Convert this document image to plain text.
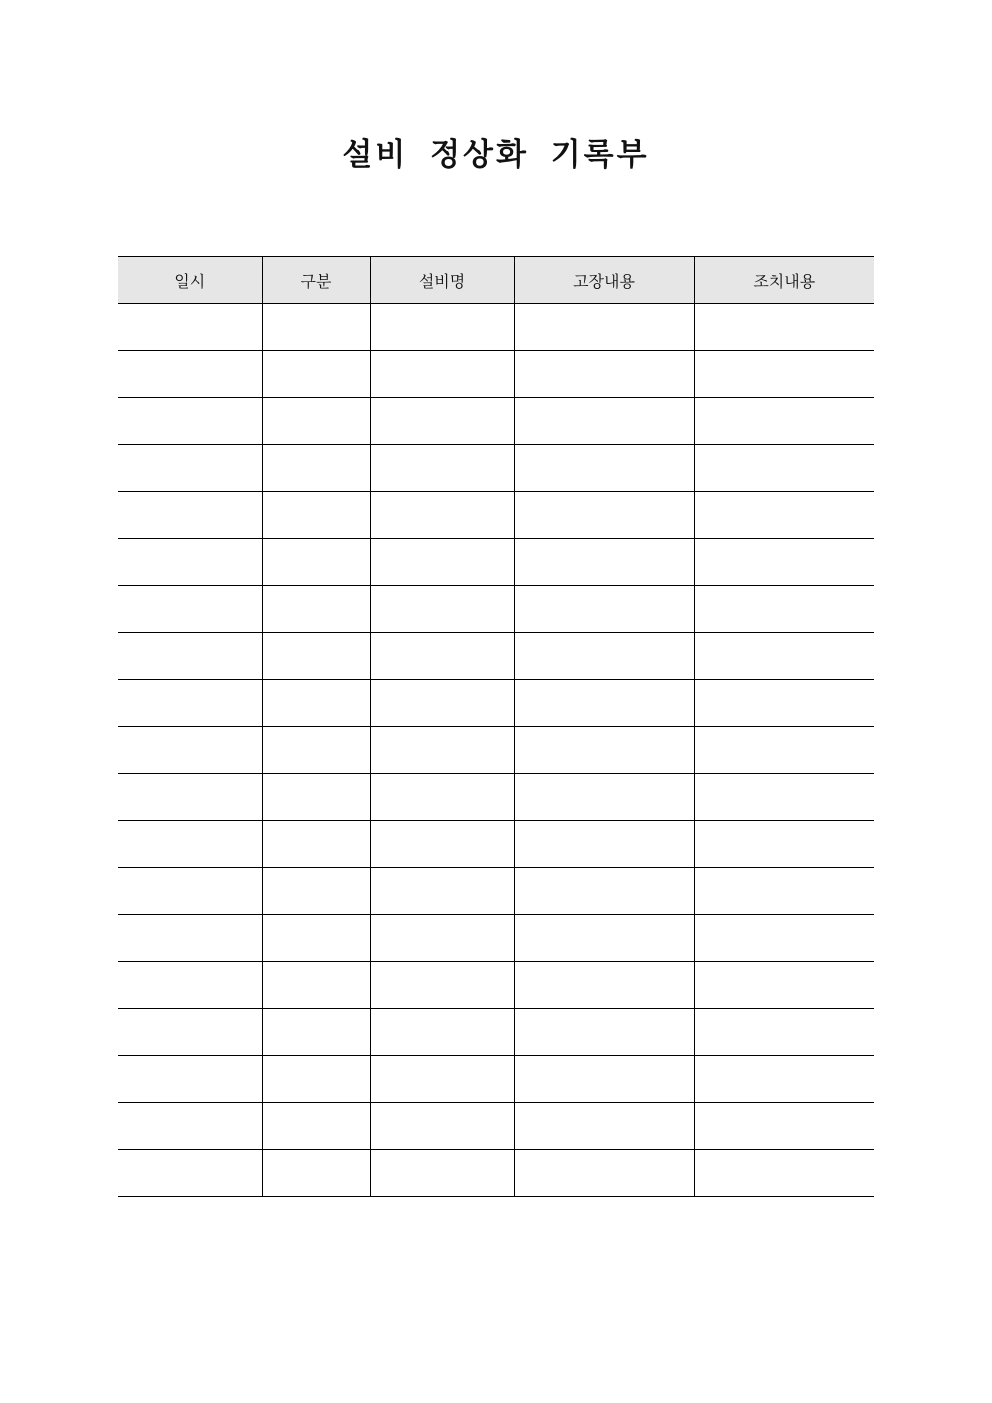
설비 정상화 기록부
일시	구분	설비명	고장내용	조치내용
